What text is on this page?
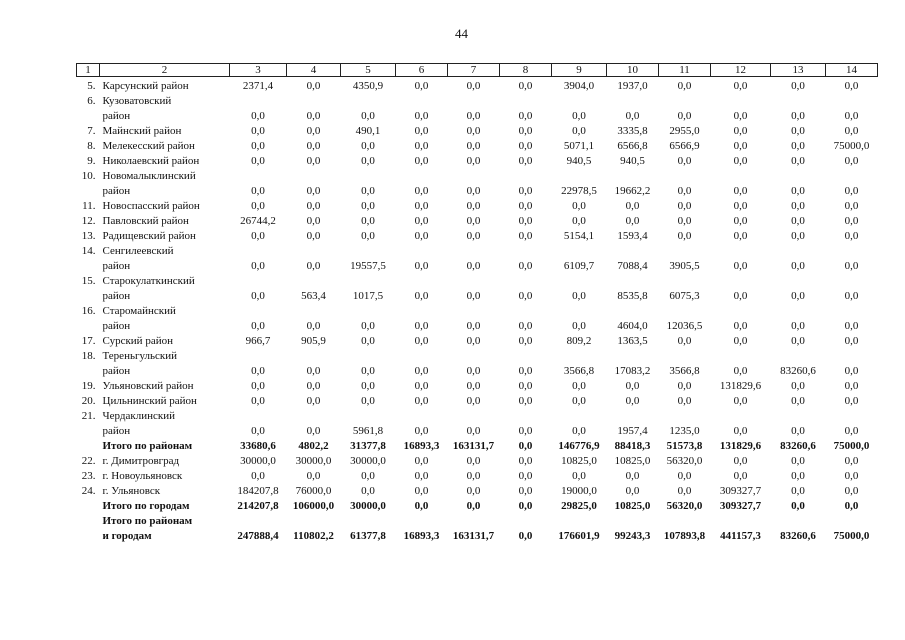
44
1	2	3	4	5	6	7	8	9	10	11	12	13	14
5.	Карсунский район	2371,4	0,0	4350,9	0,0	0,0	0,0	3904,0	1937,0	0,0	0,0	0,0	0,0
6.	Кузоватовский												
	район	0,0	0,0	0,0	0,0	0,0	0,0	0,0	0,0	0,0	0,0	0,0	0,0
7.	Майнский район	0,0	0,0	490,1	0,0	0,0	0,0	0,0	3335,8	2955,0	0,0	0,0	0,0
8.	Мелекесский район	0,0	0,0	0,0	0,0	0,0	0,0	5071,1	6566,8	6566,9	0,0	0,0	75000,0
9.	Николаевский район	0,0	0,0	0,0	0,0	0,0	0,0	940,5	940,5	0,0	0,0	0,0	0,0
10.	Новомалыклинский												
	район	0,0	0,0	0,0	0,0	0,0	0,0	22978,5	19662,2	0,0	0,0	0,0	0,0
11.	Новоспасский район	0,0	0,0	0,0	0,0	0,0	0,0	0,0	0,0	0,0	0,0	0,0	0,0
12.	Павловский район	26744,2	0,0	0,0	0,0	0,0	0,0	0,0	0,0	0,0	0,0	0,0	0,0
13.	Радищевский район	0,0	0,0	0,0	0,0	0,0	0,0	5154,1	1593,4	0,0	0,0	0,0	0,0
14.	Сенгилеевский												
	район	0,0	0,0	19557,5	0,0	0,0	0,0	6109,7	7088,4	3905,5	0,0	0,0	0,0
15.	Старокулаткинский												
	район	0,0	563,4	1017,5	0,0	0,0	0,0	0,0	8535,8	6075,3	0,0	0,0	0,0
16.	Старомайнский												
	район	0,0	0,0	0,0	0,0	0,0	0,0	0,0	4604,0	12036,5	0,0	0,0	0,0
17.	Сурский район	966,7	905,9	0,0	0,0	0,0	0,0	809,2	1363,5	0,0	0,0	0,0	0,0
18.	Тереньгульский												
	район	0,0	0,0	0,0	0,0	0,0	0,0	3566,8	17083,2	3566,8	0,0	83260,6	0,0
19.	Ульяновский район	0,0	0,0	0,0	0,0	0,0	0,0	0,0	0,0	0,0	131829,6	0,0	0,0
20.	Цильнинский район	0,0	0,0	0,0	0,0	0,0	0,0	0,0	0,0	0,0	0,0	0,0	0,0
21.	Чердаклинский												
	район	0,0	0,0	5961,8	0,0	0,0	0,0	0,0	1957,4	1235,0	0,0	0,0	0,0
	Итого по районам	33680,6	4802,2	31377,8	16893,3	163131,7	0,0	146776,9	88418,3	51573,8	131829,6	83260,6	75000,0
22.	г. Димитровград	30000,0	30000,0	30000,0	0,0	0,0	0,0	10825,0	10825,0	56320,0	0,0	0,0	0,0
23.	г. Новоульяновск	0,0	0,0	0,0	0,0	0,0	0,0	0,0	0,0	0,0	0,0	0,0	0,0
24.	г. Ульяновск	184207,8	76000,0	0,0	0,0	0,0	0,0	19000,0	0,0	0,0	309327,7	0,0	0,0
	Итого по городам	214207,8	106000,0	30000,0	0,0	0,0	0,0	29825,0	10825,0	56320,0	309327,7	0,0	0,0
	Итого по районам												
	и городам	247888,4	110802,2	61377,8	16893,3	163131,7	0,0	176601,9	99243,3	107893,8	441157,3	83260,6	75000,0
